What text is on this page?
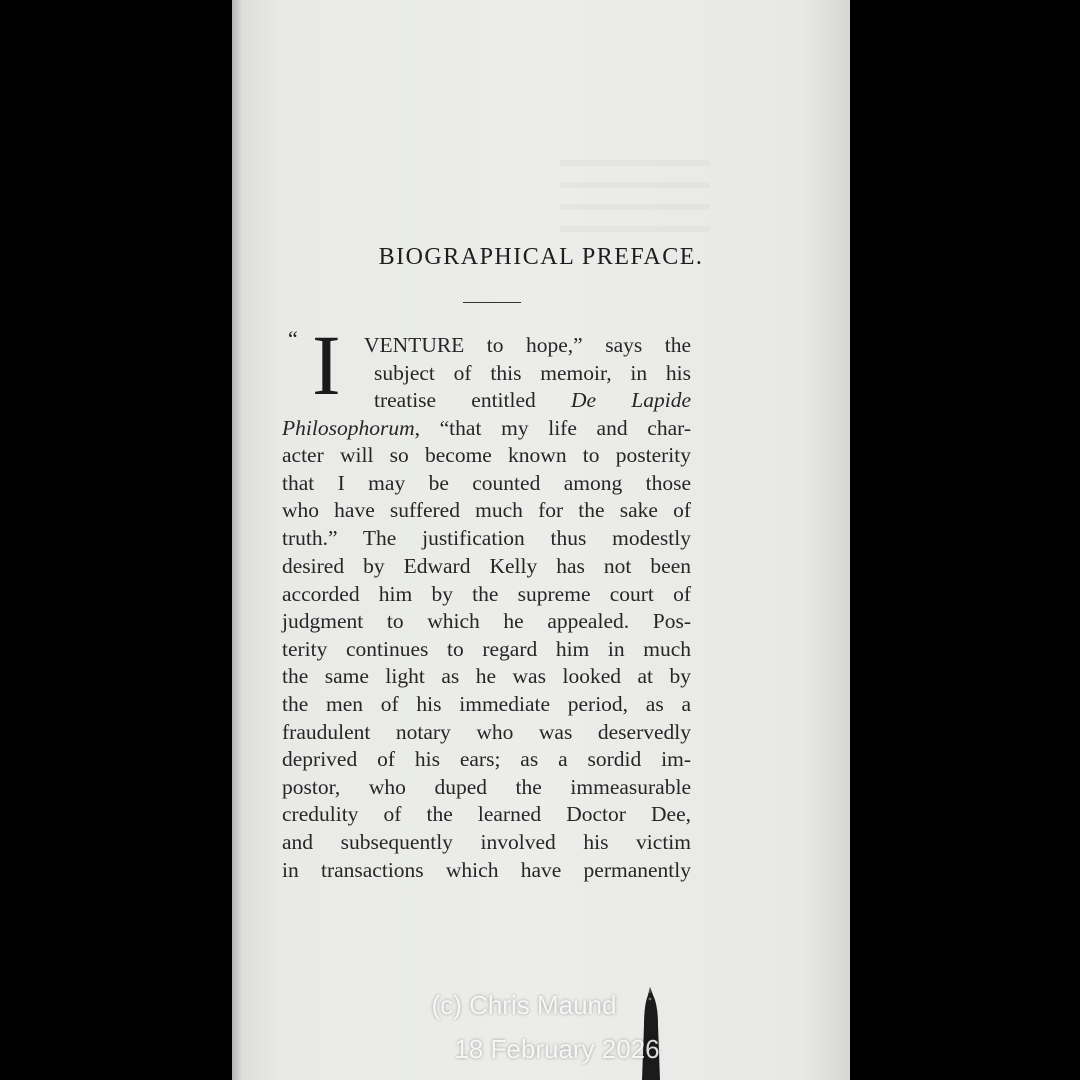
BIOGRAPHICAL PREFACE.
“ I VENTURE to hope,” says the
subject of this memoir, in his
treatise entitled De Lapide
Philosophorum, “that my life and char-
acter will so become known to posterity
that I may be counted among those
who have suffered much for the sake of
truth.” The justification thus modestly
desired by Edward Kelly has not been
accorded him by the supreme court of
judgment to which he appealed. Pos-
terity continues to regard him in much
the same light as he was looked at by
the men of his immediate period, as a
fraudulent notary who was deservedly
deprived of his ears; as a sordid im-
postor, who duped the immeasurable
credulity of the learned Doctor Dee,
and subsequently involved his victim
in transactions which have permanently
(c) Chris Maund
18 February 2026
